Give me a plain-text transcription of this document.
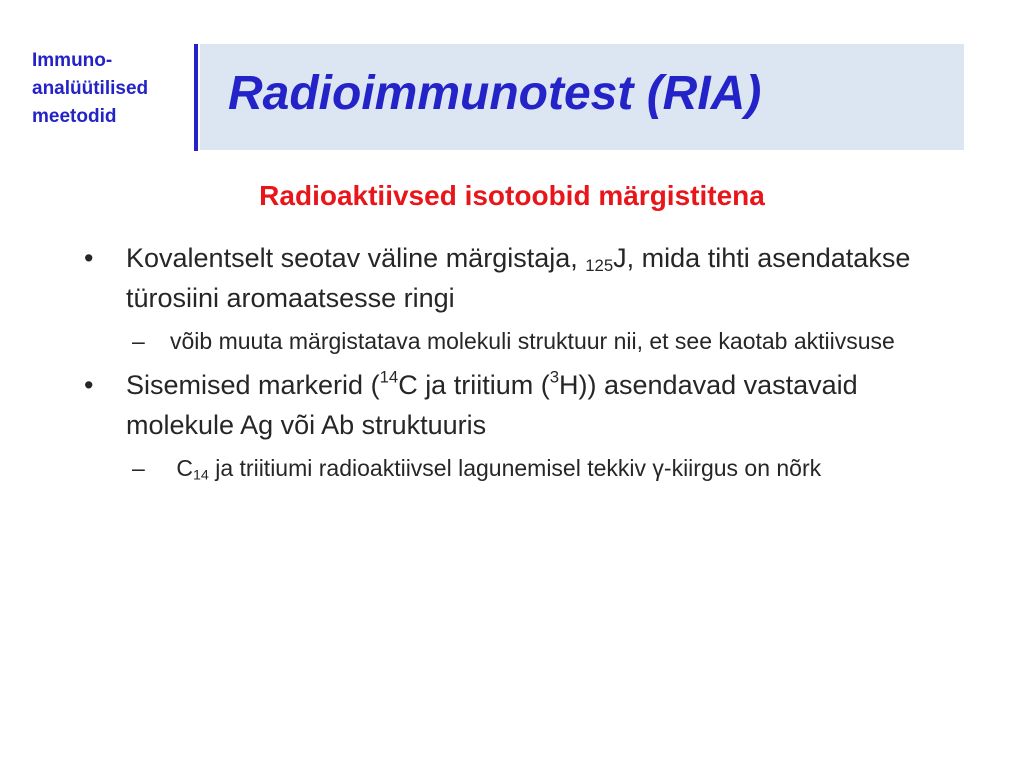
Immuno-
analüütilised
meetodid	Radioimmunotest (RIA)
Radioaktiivsed isotoobid märgistitena

•	Kovalentselt seotav väline märgistaja, $_{125}$J, mida tihti asendatakse türosiini aromaatsesse ringi

– võib muuta märgistatava molekuli struktuur nii, et see kaotab aktiivsuse

•	Sisemised markerid ($^{14}$C ja triitium ($^3$H)) asendavad vastavaid molekule Ag või Ab struktuuris

– $C_{14}$ ja triitiumi radioaktiivsel lagunemisel tekkiv γ-kiirgus on nõrk
